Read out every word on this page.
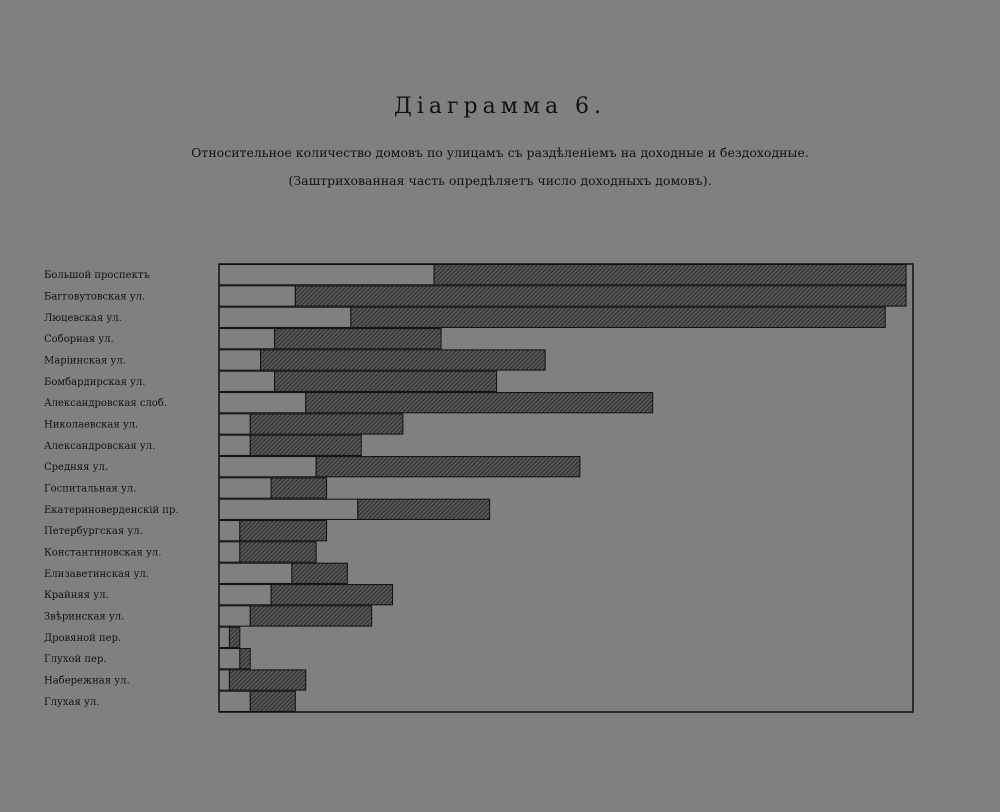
Діаграмма 6.
Относительное количество домовъ по улицамъ съ раздѣленіемъ на доходные и бездоходные.
(Заштрихованная часть опредѣляетъ число доходныхъ домовъ).
Большой проспектъ
Багговутовская ул.
Люцевская ул.
Соборная ул.
Маріинская ул.
Бомбардирская ул.
Александровская слоб.
Николаевская ул.
Александровская ул.
Средняя ул.
Госпитальная ул.
Екатериноверденскій пр.
Петербургская ул.
Константиновская ул.
Елизаветинская ул.
Крайняя ул.
Звѣринская ул.
Дровяной пер.
Глухой пер.
Набережная ул.
Глухая ул.
